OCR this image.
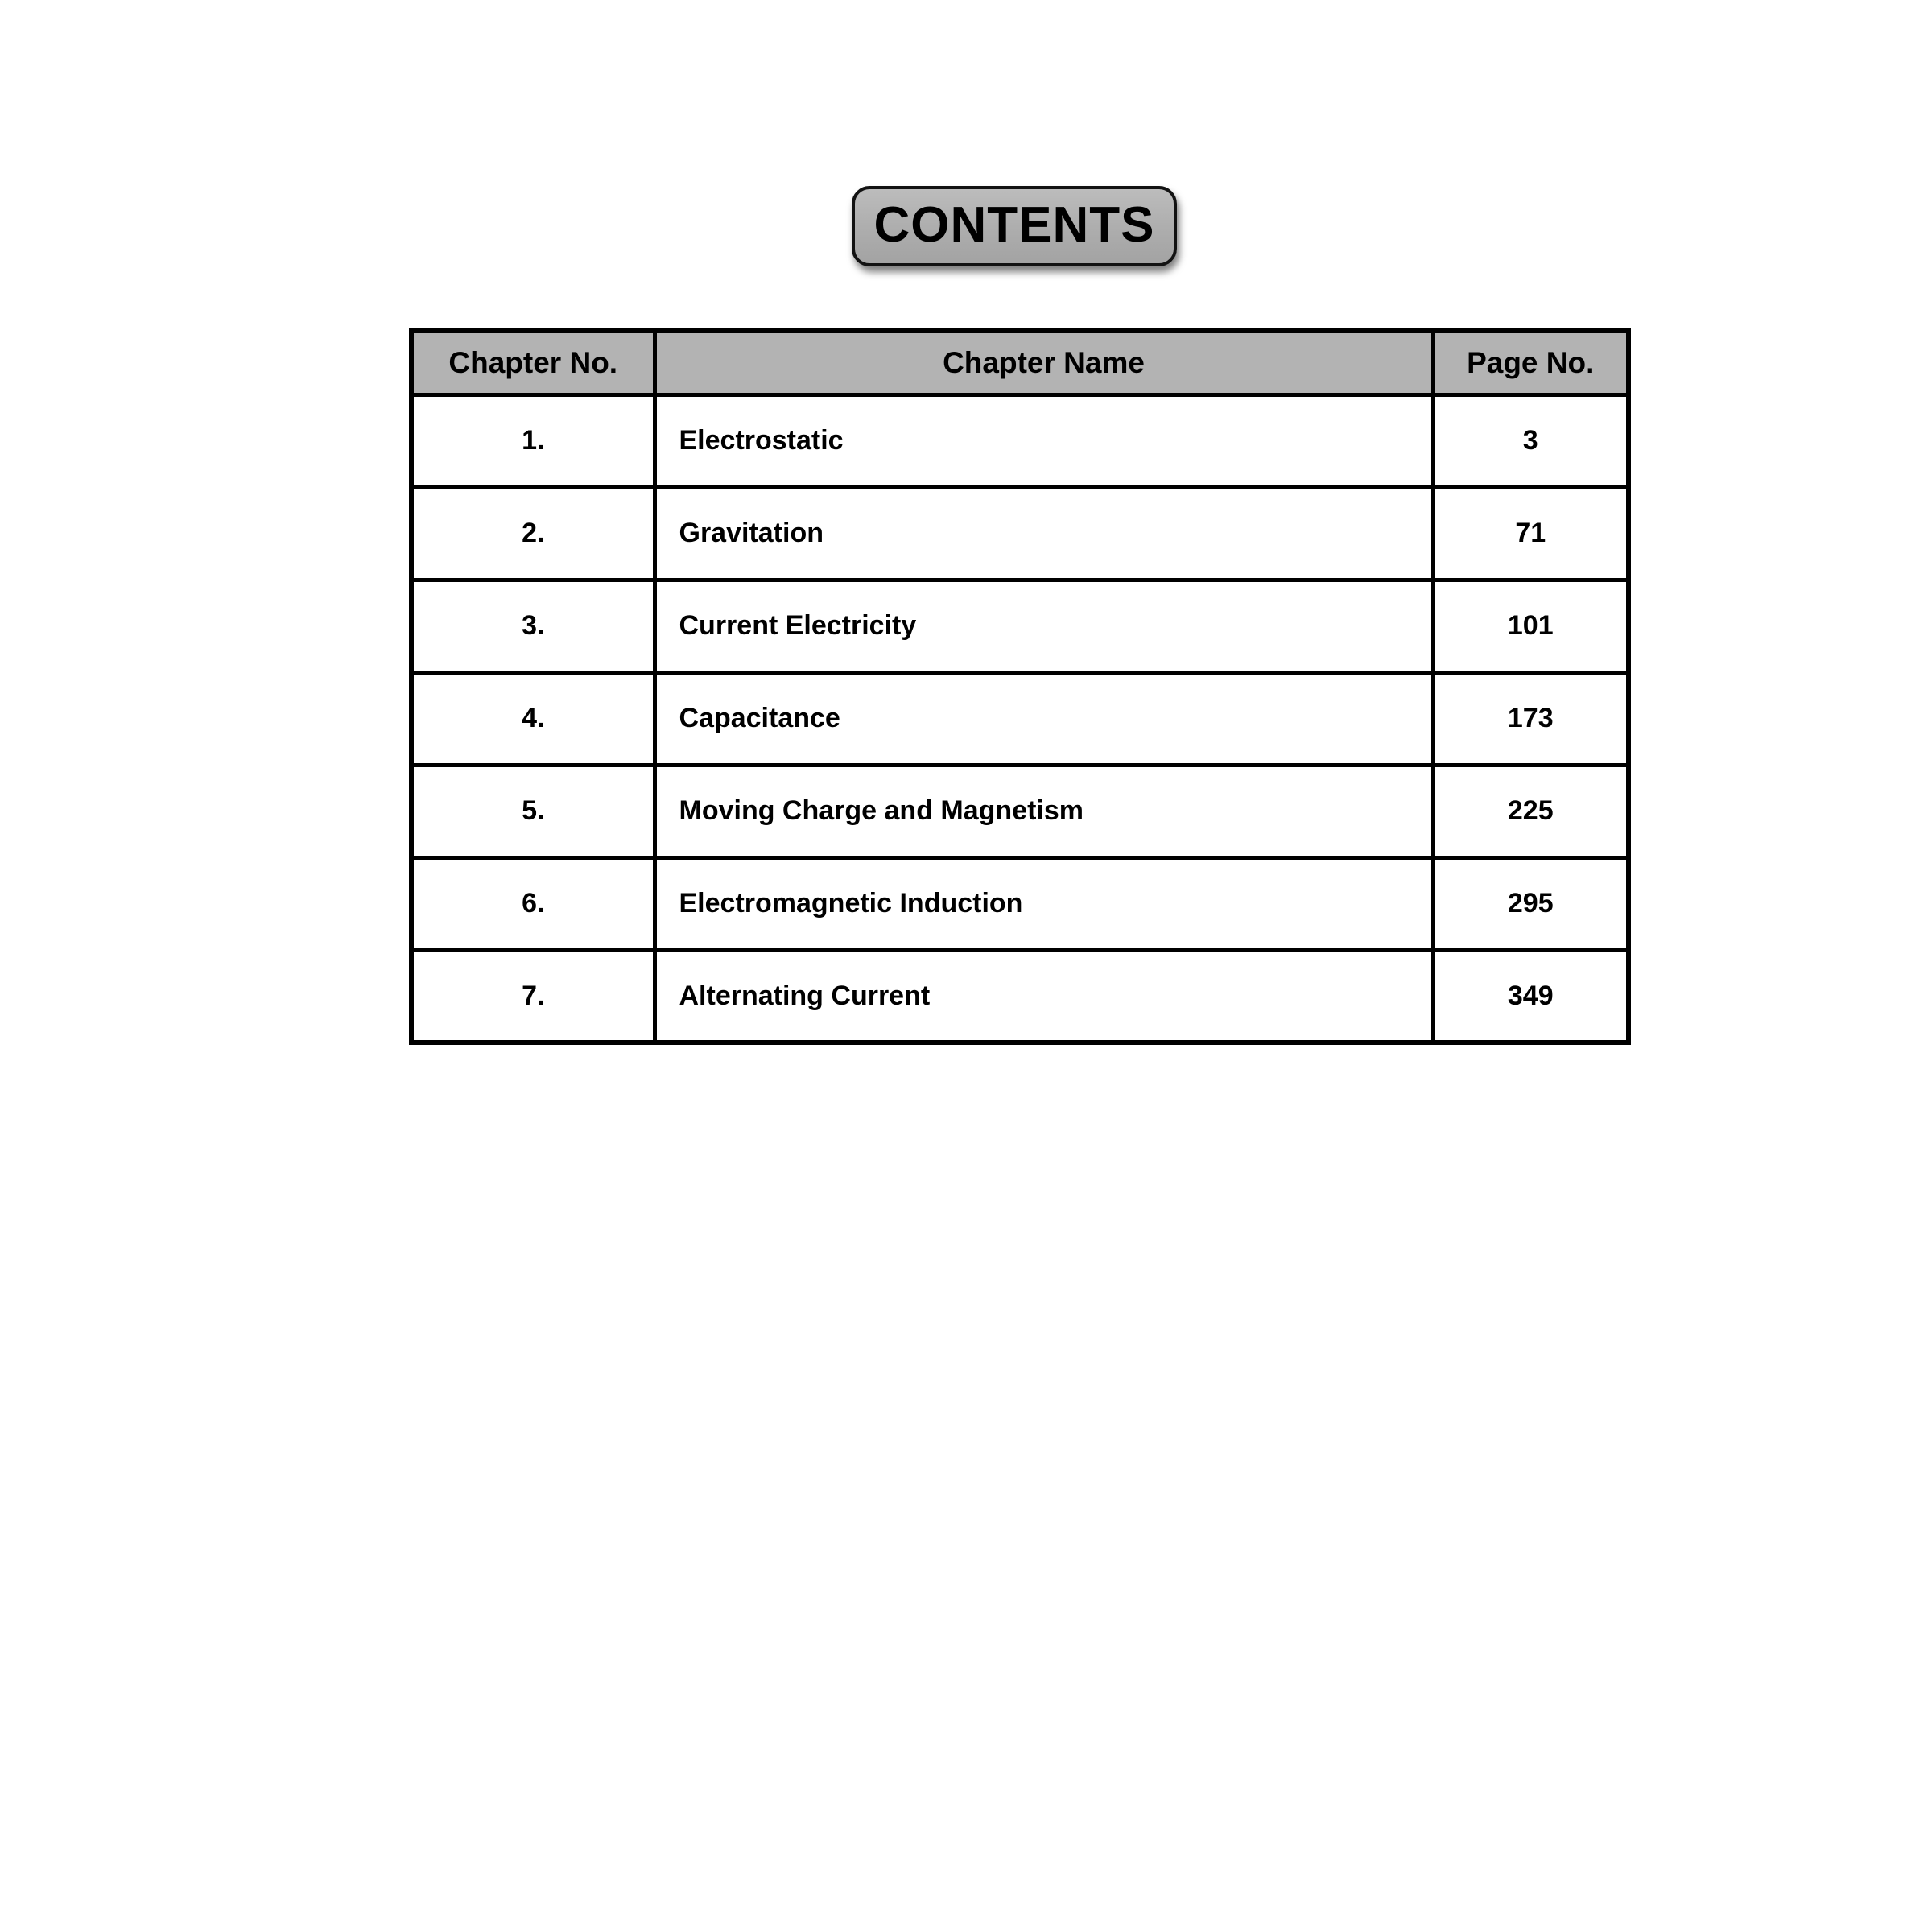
CONTENTS
Chapter No.	Chapter Name	Page No.
1.	Electrostatic	3
2.	Gravitation	71
3.	Current Electricity	101
4.	Capacitance	173
5.	Moving Charge and Magnetism	225
6.	Electromagnetic Induction	295
7.	Alternating Current	349
